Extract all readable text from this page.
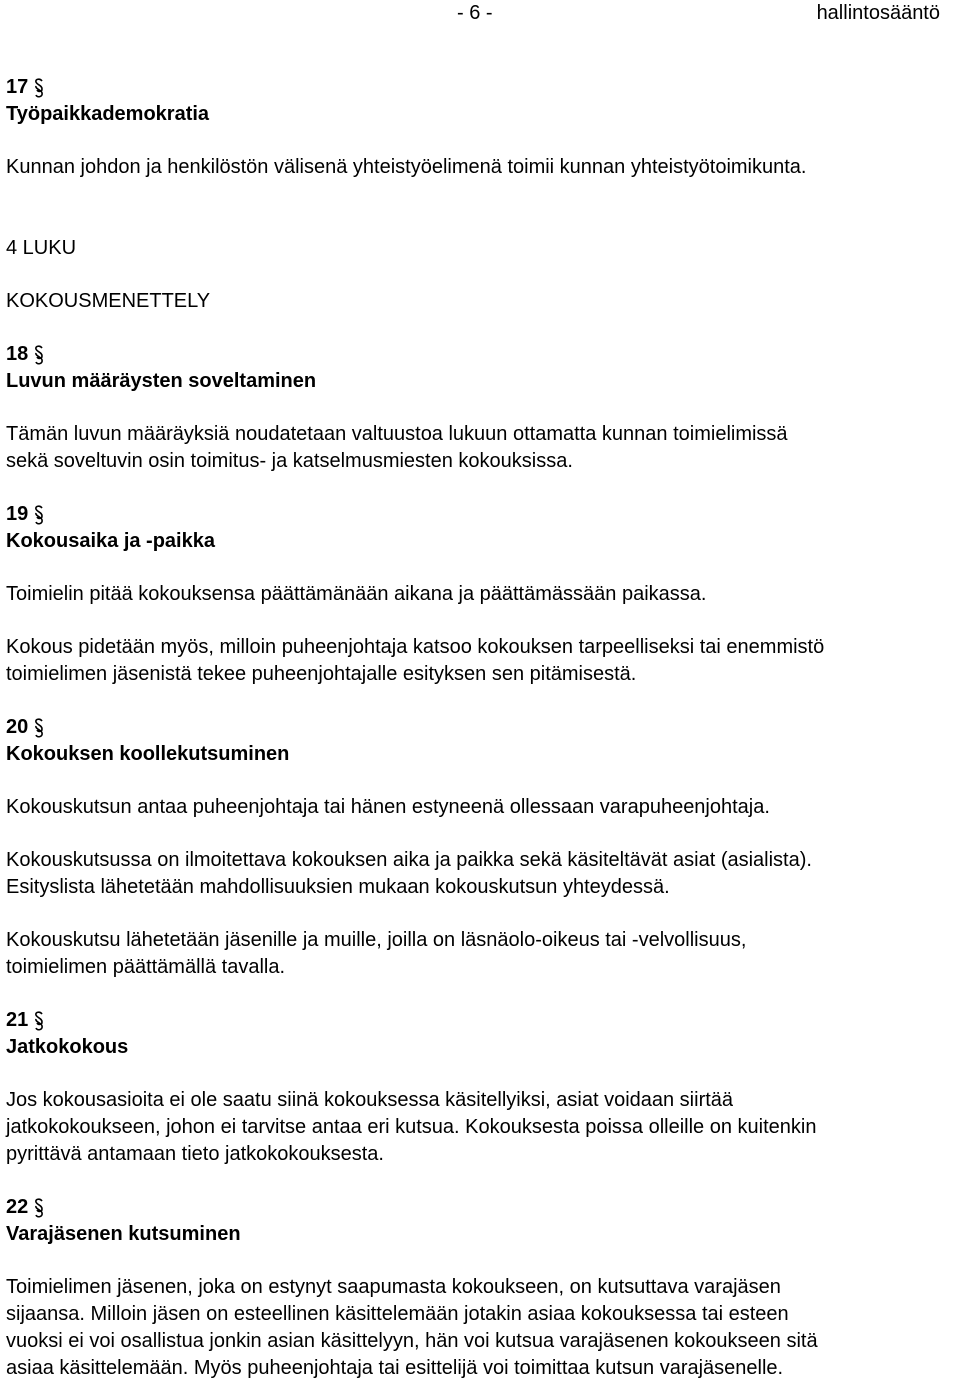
- 6 -	hallintosääntö
17
Työpaikkademokratia
Kunnan johdon ja henkilöstön välisenä yhteistyöelimenä toimii kunnan yhteistyötoimikunta.
4 LUKU
KOKOUSMENETTELY
18
Luvun määräysten soveltaminen
Tämän luvun määräyksiä noudatetaan valtuustoa lukuun ottamatta kunnan toimielimissä
sekä soveltuvin osin toimitus- ja katselmusmiesten kokouksissa.
19
Kokousaika ja -paikka
Toimielin pitää kokouksensa päättämänään aikana ja päättämässään paikassa.
Kokous pidetään myös, milloin puheenjohtaja katsoo kokouksen tarpeelliseksi tai enemmistö
toimielimen jäsenistä tekee puheenjohtajalle esityksen sen pitämisestä.
20
Kokouksen koollekutsuminen
Kokouskutsun antaa puheenjohtaja tai hänen estyneenä ollessaan varapuheenjohtaja.
Kokouskutsussa on ilmoitettava kokouksen aika ja paikka sekä käsiteltävät asiat (asialista).
Esityslista lähetetään mahdollisuuksien mukaan kokouskutsun yhteydessä.
Kokouskutsu lähetetään jäsenille ja muille, joilla on läsnäolo-oikeus tai -velvollisuus,
toimielimen päättämällä tavalla.
21
Jatkokokous
Jos kokousasioita ei ole saatu siinä kokouksessa käsitellyiksi, asiat voidaan siirtää
jatkokokoukseen, johon ei tarvitse antaa eri kutsua. Kokouksesta poissa olleille on kuitenkin
pyrittävä antamaan tieto jatkokokouksesta.
22
Varajäsenen kutsuminen
Toimielimen jäsenen, joka on estynyt saapumasta kokoukseen, on kutsuttava varajäsen
sijaansa. Milloin jäsen on esteellinen käsittelemään jotakin asiaa kokouksessa tai esteen
vuoksi ei voi osallistua jonkin asian käsittelyyn, hän voi kutsua varajäsenen kokoukseen sitä
asiaa käsittelemään. Myös puheenjohtaja tai esittelijä voi toimittaa kutsun varajäsenelle.
